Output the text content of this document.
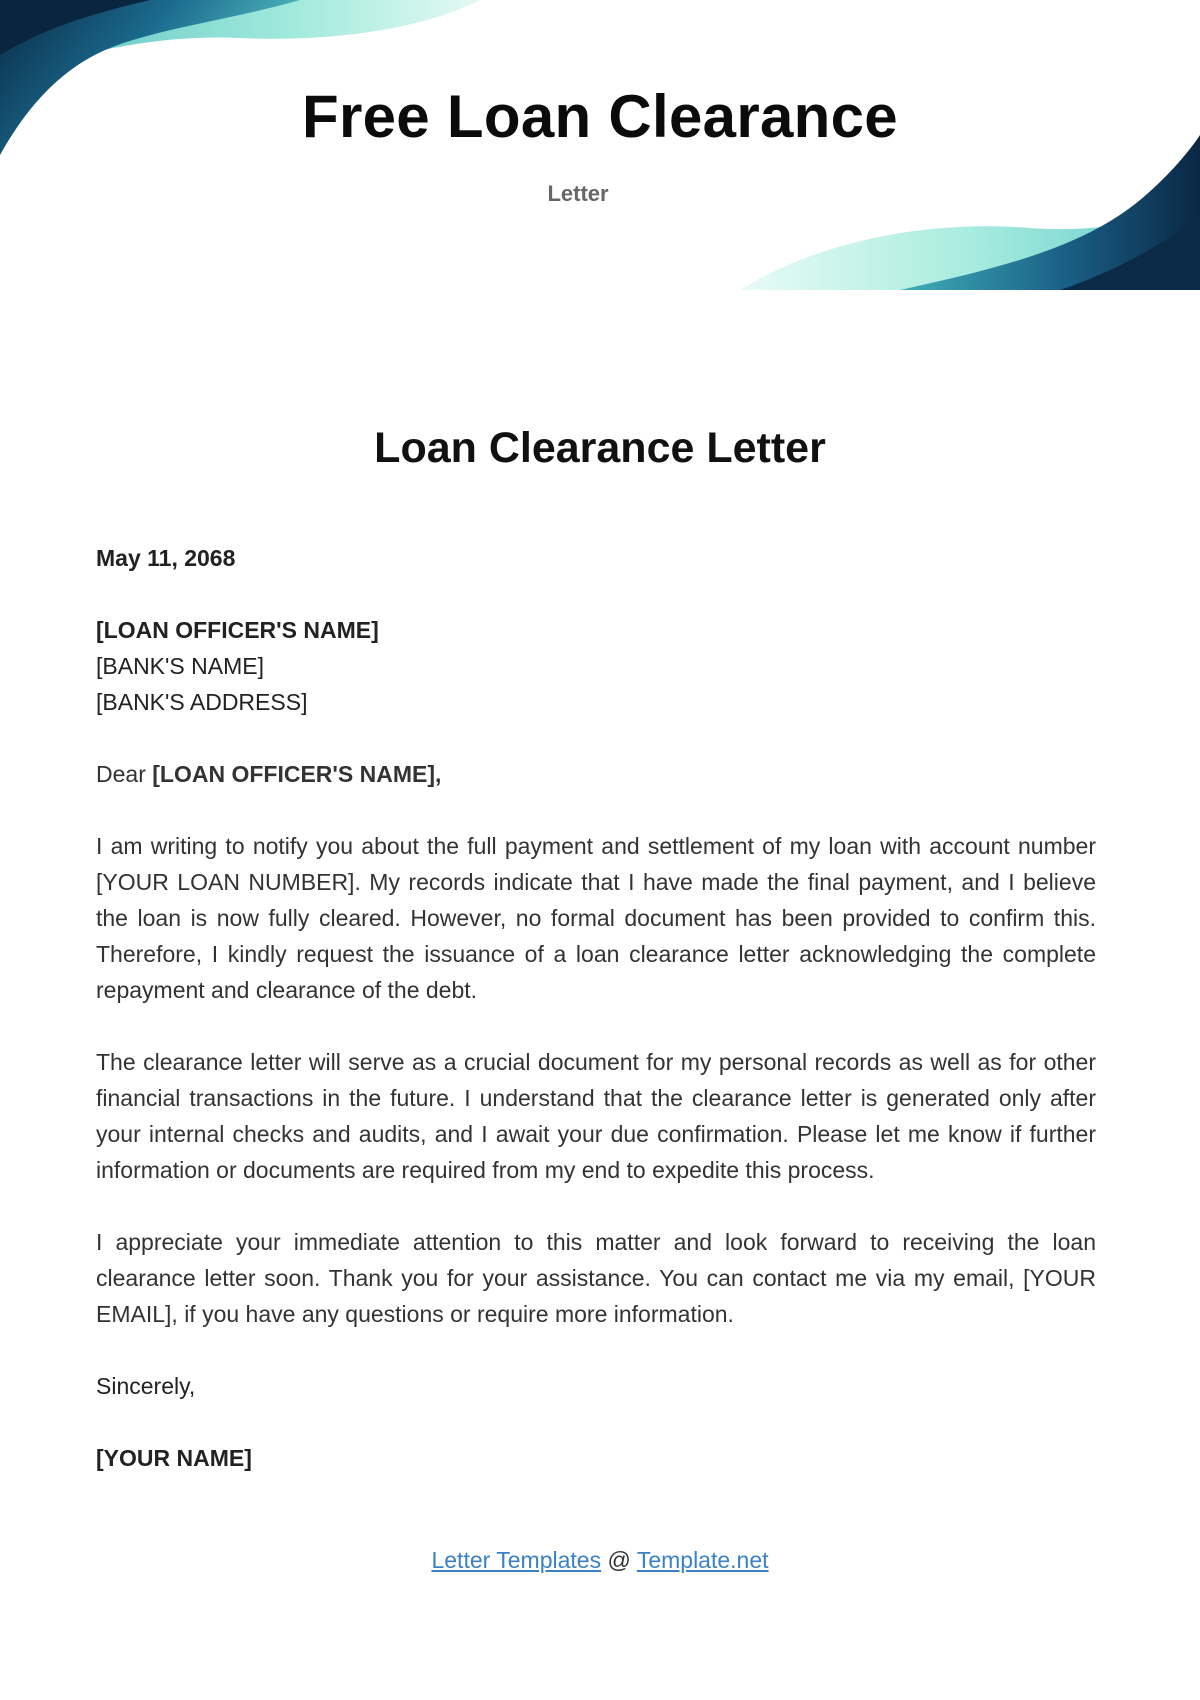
Free Loan Clearance
Letter
Loan Clearance Letter
May 11, 2068
[LOAN OFFICER'S NAME]
[BANK'S NAME]
[BANK'S ADDRESS]
Dear [LOAN OFFICER'S NAME],

I am writing to notify you about the full payment and settlement of my loan with account number [YOUR LOAN NUMBER]. My records indicate that I have made the final payment, and I believe the loan is now fully cleared. However, no formal document has been provided to confirm this. Therefore, I kindly request the issuance of a loan clearance letter acknowledging the complete repayment and clearance of the debt.

The clearance letter will serve as a crucial document for my personal records as well as for other financial transactions in the future. I understand that the clearance letter is generated only after your internal checks and audits, and I await your due confirmation. Please let me know if further information or documents are required from my end to expedite this process.

I appreciate your immediate attention to this matter and look forward to receiving the loan clearance letter soon. Thank you for your assistance. You can contact me via my email, [YOUR EMAIL], if you have any questions or require more information.

Sincerely,
[YOUR NAME]
Letter Templates @ Template.net
